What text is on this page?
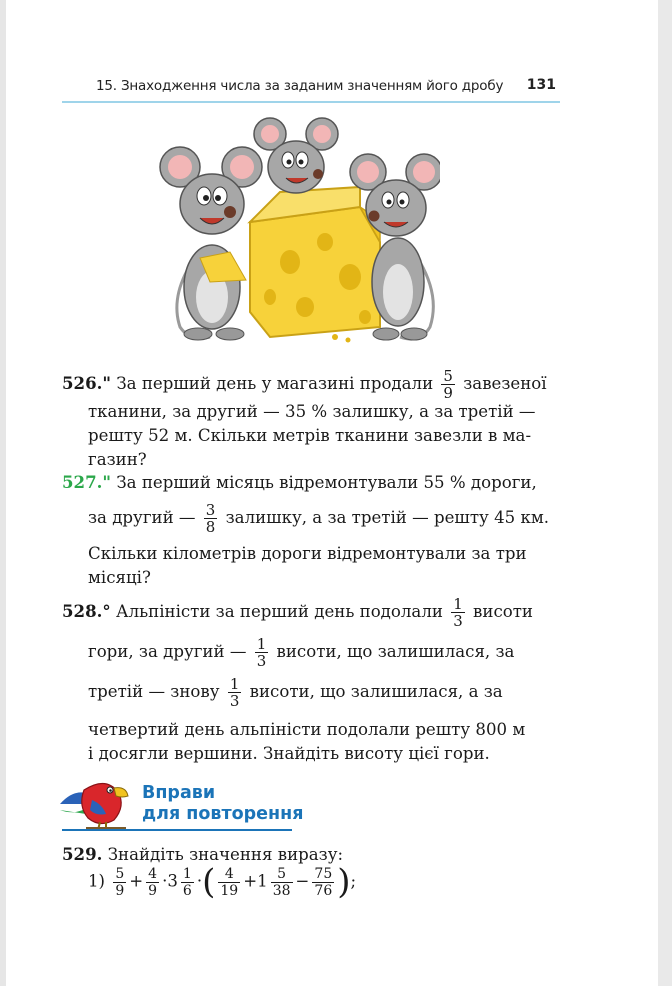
15. Знаходження числа за заданим значенням його дробу 131
526." За перший день у магазині продали $\frac{5}{9}$ завезеної
тканини, за другий — 35 % залишку, а за третій —
решту 52 м. Скільки метрів тканини завезли в ма-
газин?
527." За перший місяць відремонтували 55 % дороги,
за другий — $\frac{3}{8}$ залишку, а за третій — решту 45 км.
Скільки кілометрів дороги відремонтували за три
місяці?
528.° Альпіністи за перший день подолали $\frac{1}{3}$ висоти
гори, за другий — $\frac{1}{3}$ висоти, що залишилася, за
третій — знову $\frac{1}{3}$ висоти, що залишилася, а за
четвертий день альпіністи подолали решту 800 м
і досягли вершини. Знайдіть висоту цієї гори.
Вправи
для повторення
529. Знайдіть значення виразу:
$1) \frac{5}{9} + \frac{4}{9} \cdot 3 \frac{1}{6}$ ·( $\frac{4}{19} +1 \frac{5}{38} - \frac{75}{76}$ );
